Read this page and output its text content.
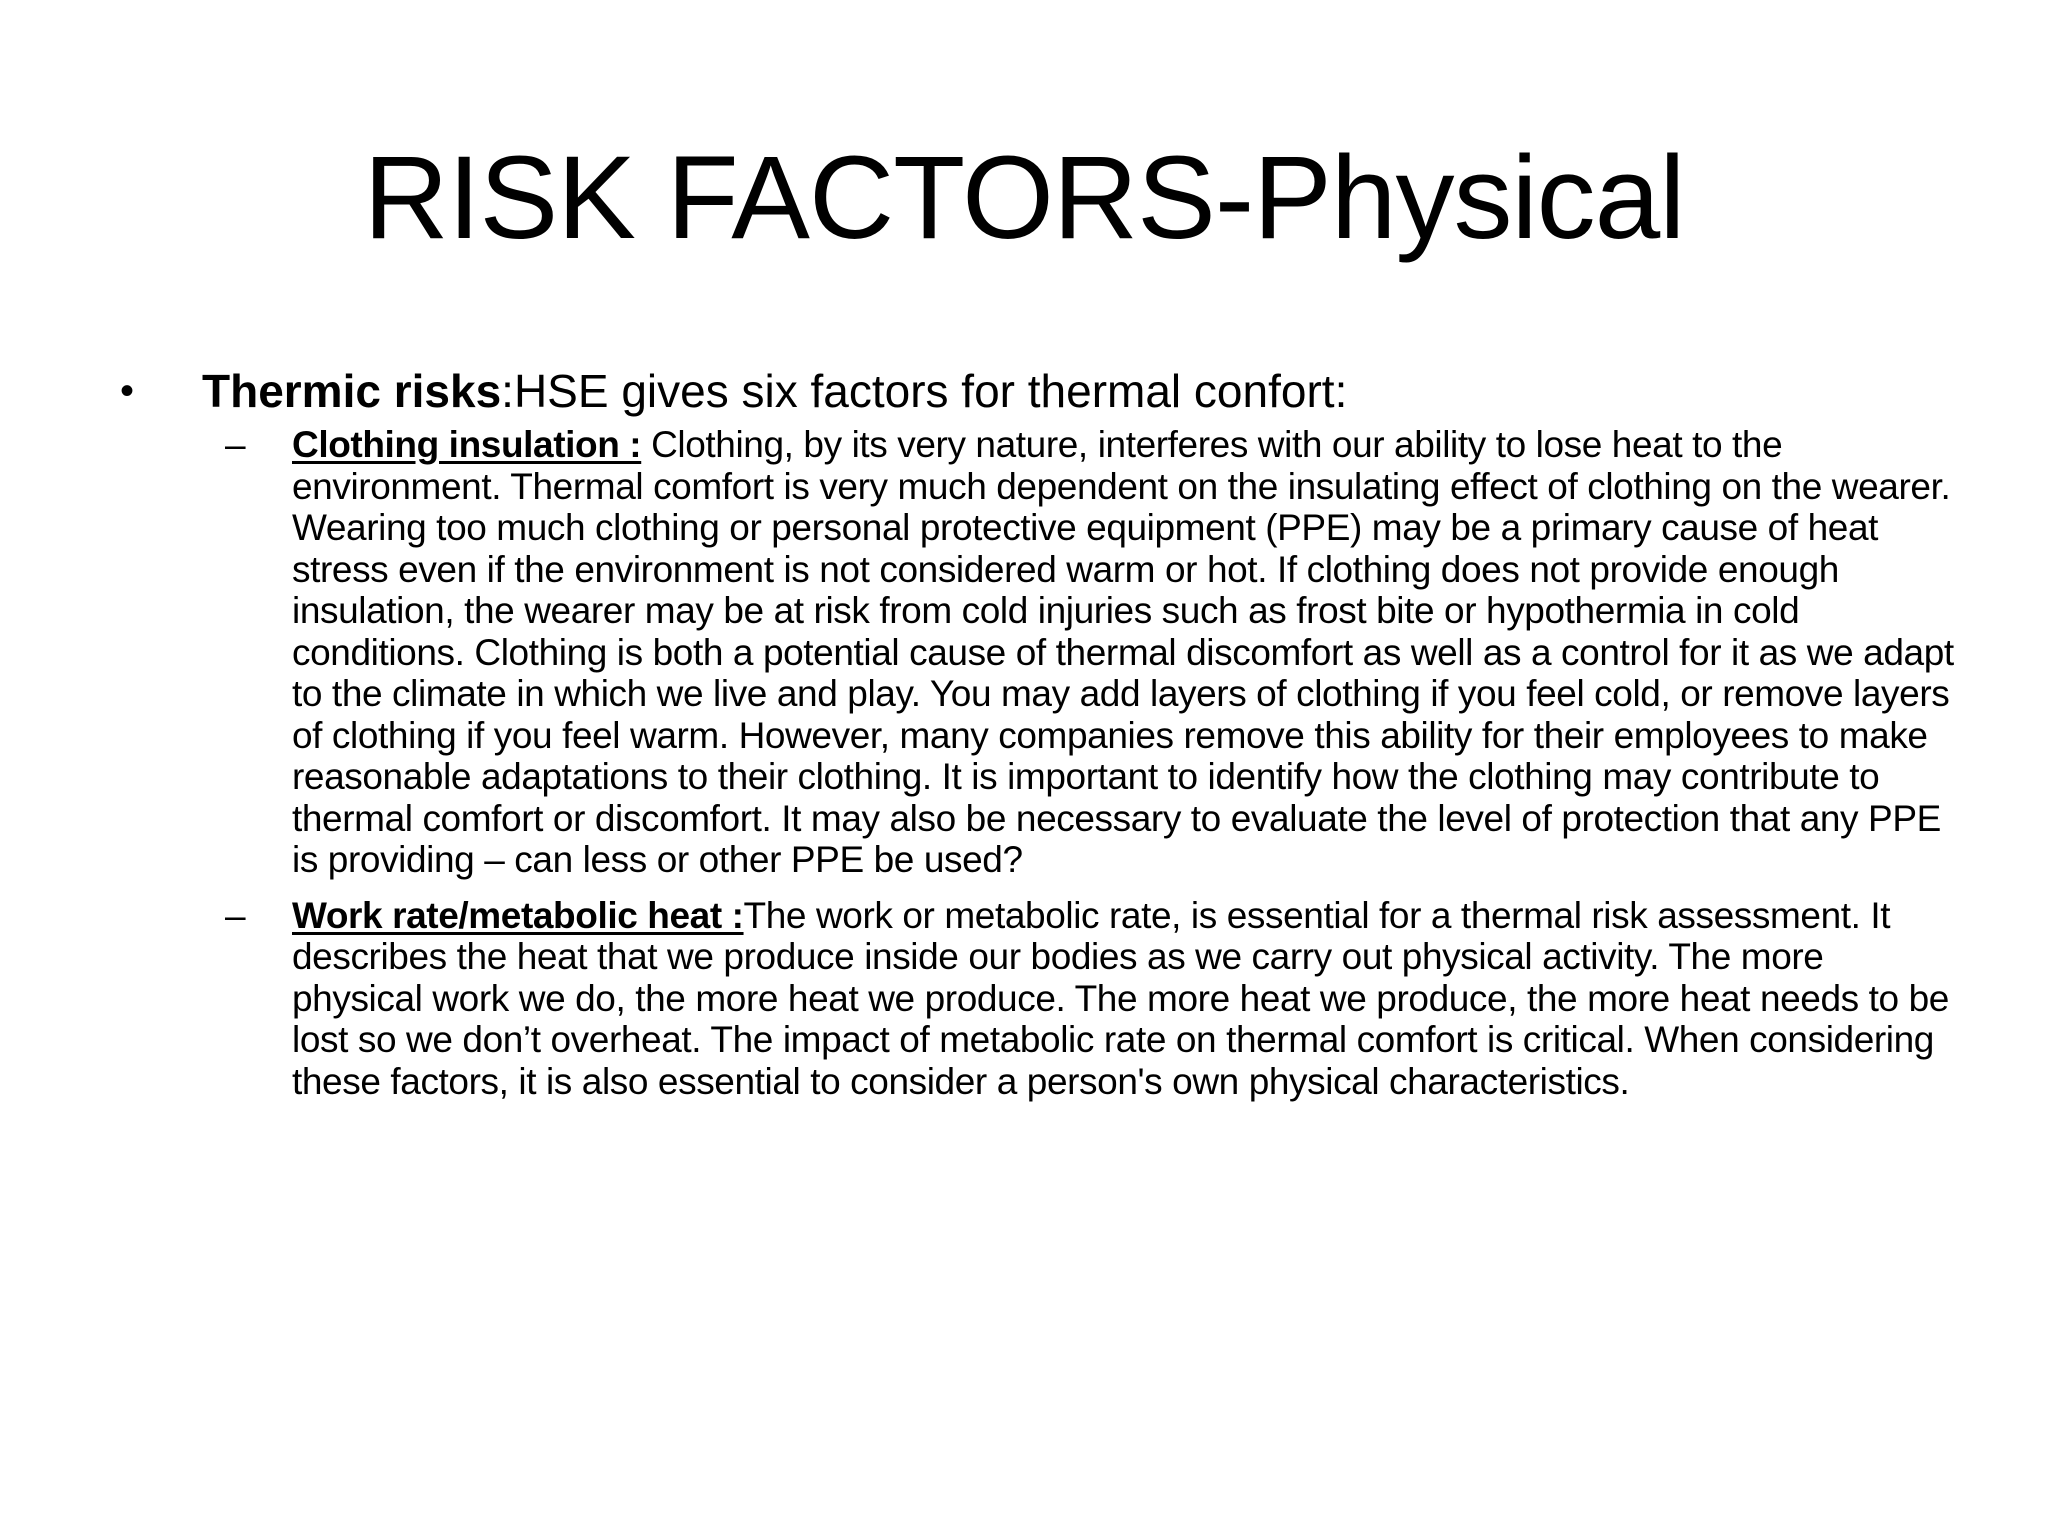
RISK FACTORS-Physical
•	Thermic risks:HSE gives six factors for thermal confort:
– Clothing insulation : Clothing, by its very nature, interferes with our ability to lose heat to the environment. Thermal comfort is very much dependent on the insulating effect of clothing on the wearer. Wearing too much clothing or personal protective equipment (PPE) may be a primary cause of heat stress even if the environment is not considered warm or hot. If clothing does not provide enough insulation, the wearer may be at risk from cold injuries such as frost bite or hypothermia in cold conditions. Clothing is both a potential cause of thermal discomfort as well as a control for it as we adapt to the climate in which we live and play. You may add layers of clothing if you feel cold, or remove layers of clothing if you feel warm. However, many companies remove this ability for their employees to make reasonable adaptations to their clothing. It is important to identify how the clothing may contribute to thermal comfort or discomfort. It may also be necessary to evaluate the level of protection that any PPE is providing – can less or other PPE be used?
– Work rate/metabolic heat :The work or metabolic rate, is essential for a thermal risk assessment. It describes the heat that we produce inside our bodies as we carry out physical activity. The more physical work we do, the more heat we produce. The more heat we produce, the more heat needs to be lost so we don’t overheat. The impact of metabolic rate on thermal comfort is critical. When considering these factors, it is also essential to consider a person's own physical characteristics.
